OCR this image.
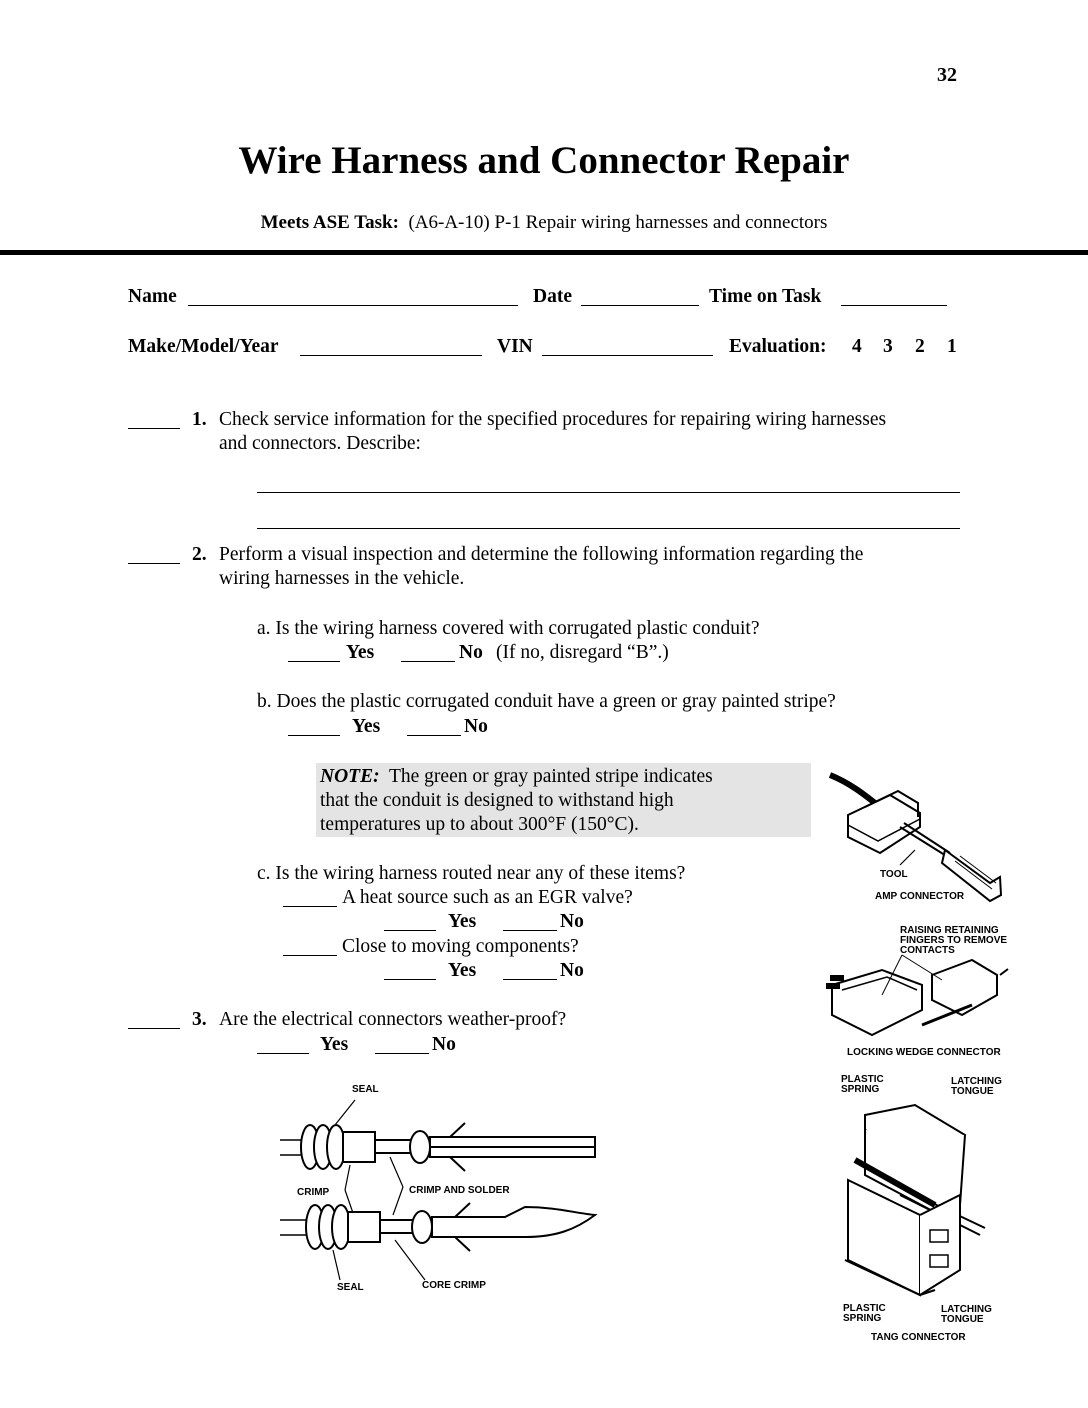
32
Wire Harness and Connector Repair
Meets ASE Task: (A6-A-10) P-1 Repair wiring harnesses and connectors
Name	Date	Time on Task
Make/Model/Year	VIN	Evaluation: 4 3 2 1
1. Check service information for the specified procedures for repairing wiring harnesses
and connectors. Describe:
2. Perform a visual inspection and determine the following information regarding the
wiring harnesses in the vehicle.
a. Is the wiring harness covered with corrugated plastic conduit?
Yes	No (If no, disregard “B”.)
b. Does the plastic corrugated conduit have a green or gray painted stripe?
Yes	No
NOTE:  The green or gray painted stripe indicates
that the conduit is designed to withstand high
temperatures up to about 300°F (150°C).
c. Is the wiring harness routed near any of these items?
A heat source such as an EGR valve?
Yes	No
Close to moving components?
Yes	No
3. Are the electrical connectors weather-proof?
Yes	No
TOOL
AMP CONNECTOR
RAISING RETAINING
FINGERS TO REMOVE
CONTACTS
LOCKING WEDGE CONNECTOR
PLASTIC
SPRING
LATCHING
TONGUE
PLASTIC
SPRING
LATCHING
TONGUE
TANG CONNECTOR
SEAL
CRIMP	CRIMP AND SOLDER
SEAL	CORE CRIMP
